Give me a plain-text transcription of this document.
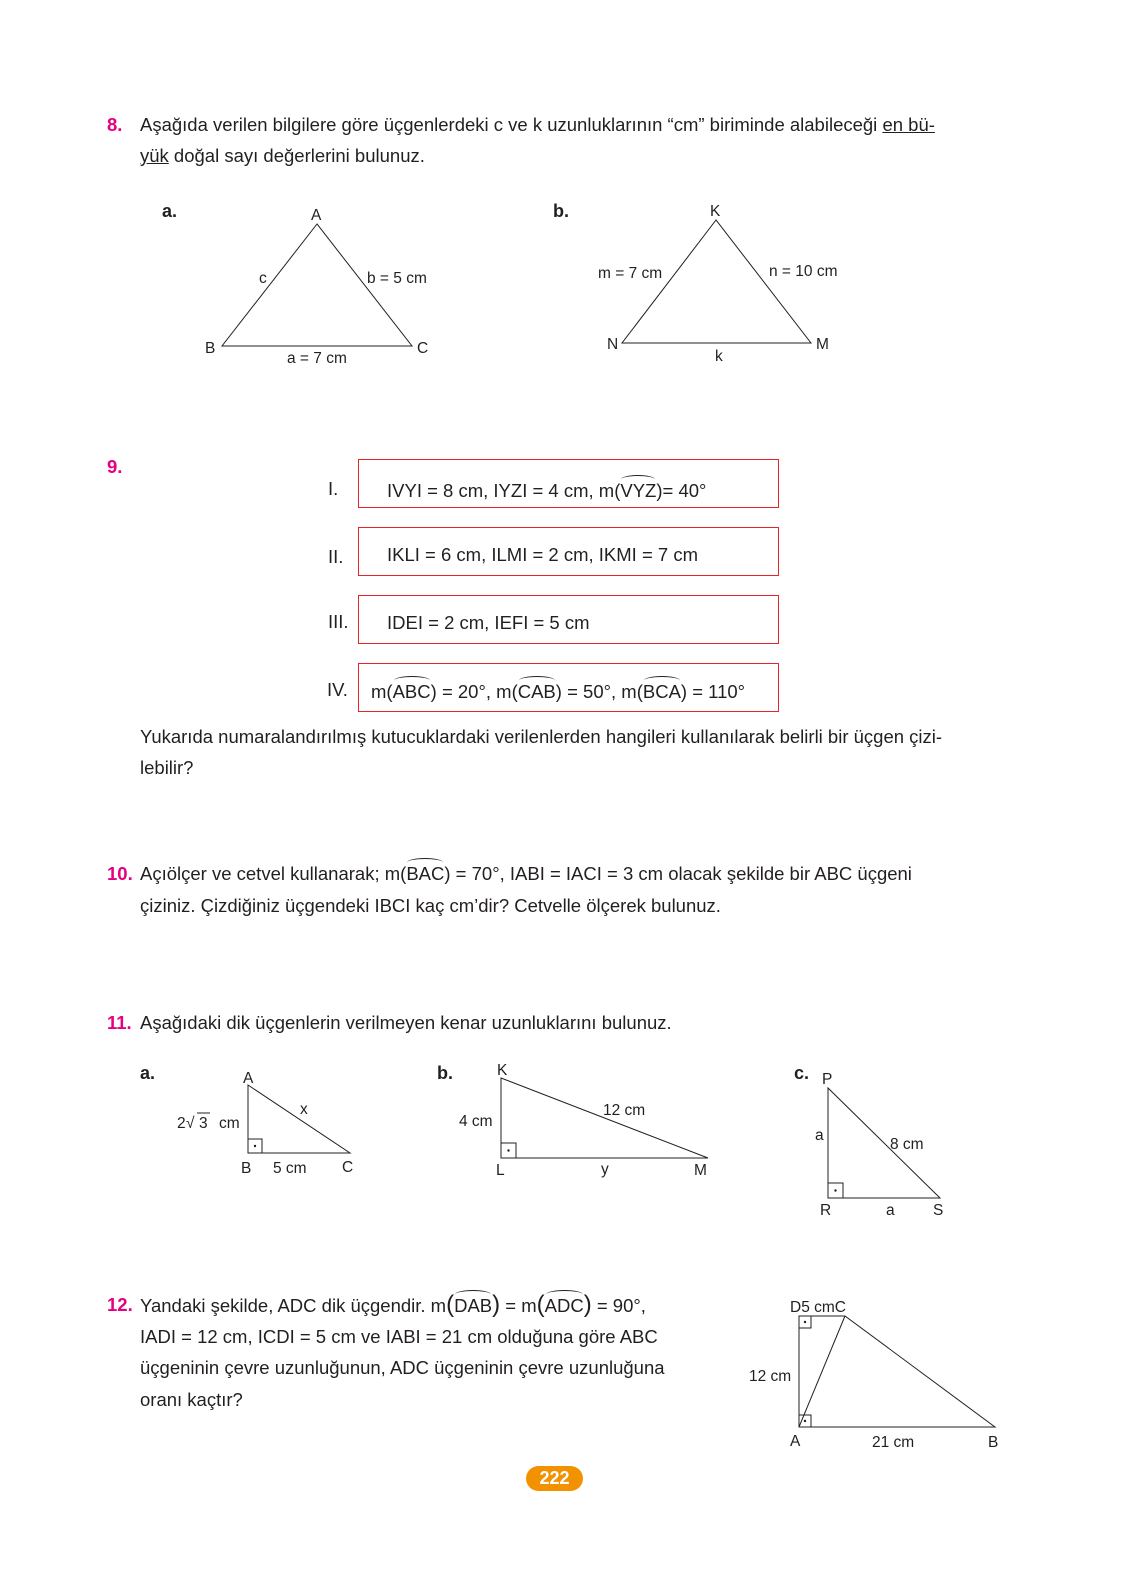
8. Aşağıda verilen bilgilere göre üçgenlerdeki c ve k uzunluklarının “cm” biriminde alabileceği en bü-
yük doğal sayı değerlerini bulunuz.
9.
I.	IVYI = 8 cm, IYZI = 4 cm, m(VYZ)= 40°
II. IKLI = 6 cm, ILMI = 2 cm, IKMI = 7 cm
III. IDEI = 2 cm, IEFI = 5 cm
IV. m(ABC) = 20°, m(CAB) = 50°, m(BCA) = 110°
Yukarıda numaralandırılmış kutucuklardaki verilenlerden hangileri kullanılarak belirli bir üçgen çizi-
lebilir?
10. Açıölçer ve cetvel kullanarak; m(BAC) = 70°, IABI = IACI = 3 cm olacak şekilde bir ABC üçgeni
çiziniz. Çizdiğiniz üçgendeki IBCI kaç cm’dir? Cetvelle ölçerek bulunuz.
11. Aşağıdaki dik üçgenlerin verilmeyen kenar uzunluklarını bulunuz.
12. Yandaki şekilde, ADC dik üçgendir. m(DAB) = m(ADC) = 90°,
IADI = 12 cm, ICDI = 5 cm ve IABI = 21 cm olduğuna göre ABC
üçgeninin çevre uzunluğunun, ADC üçgeninin çevre uzunluğuna
oranı kaçtır?
a.	A
c	b = 5 cm
B	C
a = 7 cm
b.	K
m = 7 cm	n = 10 cm
N	M
k
a.	A
2 √ 3 cm
x
B 5 cm C
b.	K
4 cm
12 cm
L	y	M
c. P
a
8 cm
R	a S
D5 cmC
12 cm
A	21 cm	B
222
